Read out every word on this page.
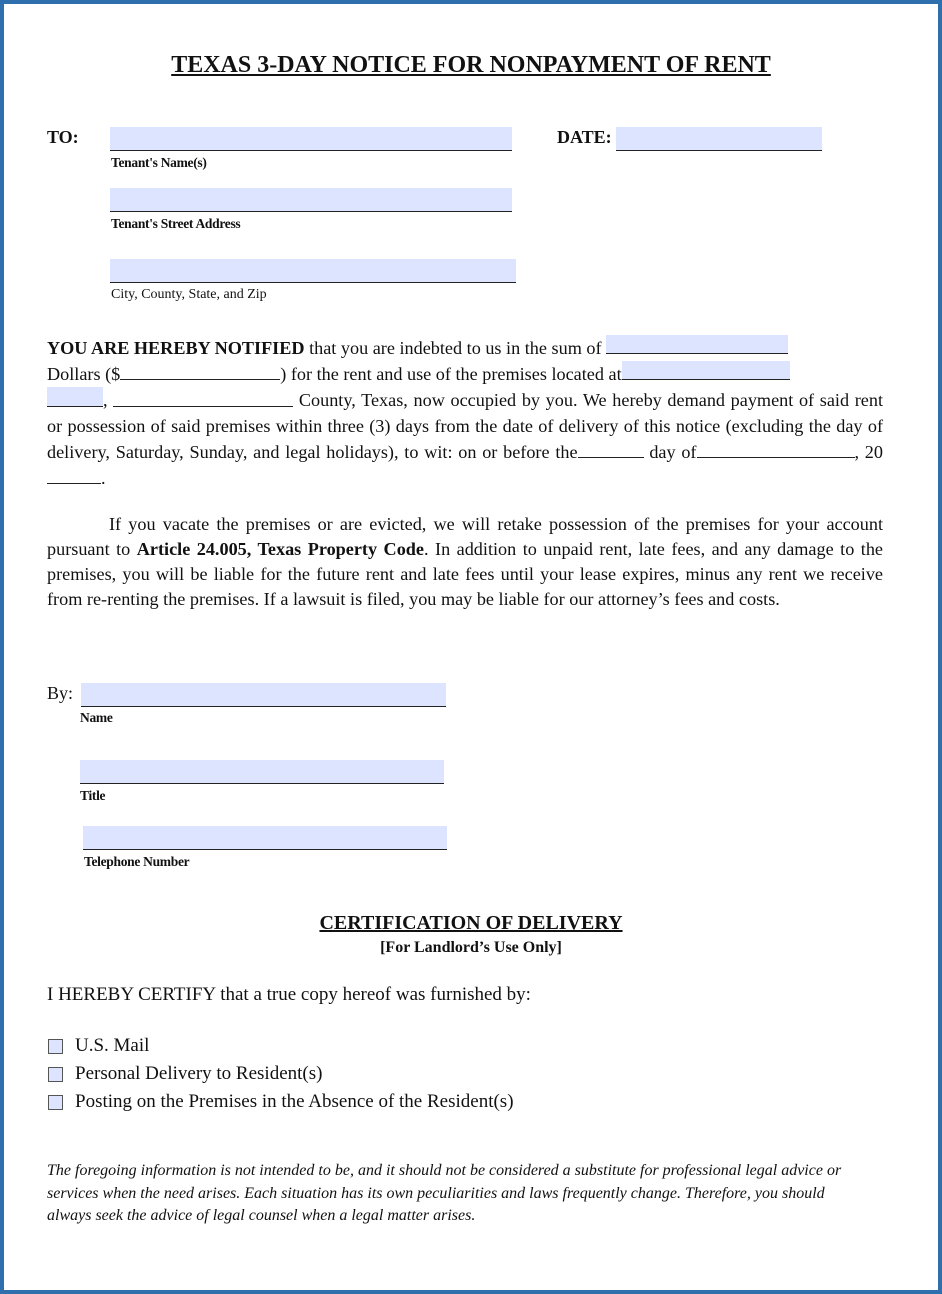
TEXAS 3-DAY NOTICE FOR NONPAYMENT OF RENT
TO:
Tenant's Name(s)
DATE:
Tenant's Street Address
City, County, State, and Zip
YOU ARE HEREBY NOTIFIED that you are indebted to us in the sum of
Dollars ($	) for the rent and use of the premises located at
,	County, Texas, now occupied by you. We hereby demand payment of said rent or possession of said premises within three (3) days from the date of delivery of this notice (excluding the day of delivery, Saturday, Sunday, and legal holidays), to wit: on or before the	day of	, 20.
If you vacate the premises or are evicted, we will retake possession of the premises for your account pursuant to Article 24.005, Texas Property Code. In addition to unpaid rent, late fees, and any damage to the premises, you will be liable for the future rent and late fees until your lease expires, minus any rent we receive from re-renting the premises. If a lawsuit is filed, you may be liable for our attorney’s fees and costs.
By:
Name
Title
Telephone Number
CERTIFICATION OF DELIVERY
[For Landlord’s Use Only]
I HEREBY CERTIFY that a true copy hereof was furnished by:
U.S. Mail
Personal Delivery to Resident(s)
Posting on the Premises in the Absence of the Resident(s)
The foregoing information is not intended to be, and it should not be considered a substitute for professional legal advice or services when the need arises. Each situation has its own peculiarities and laws frequently change. Therefore, you should always seek the advice of legal counsel when a legal matter arises.
